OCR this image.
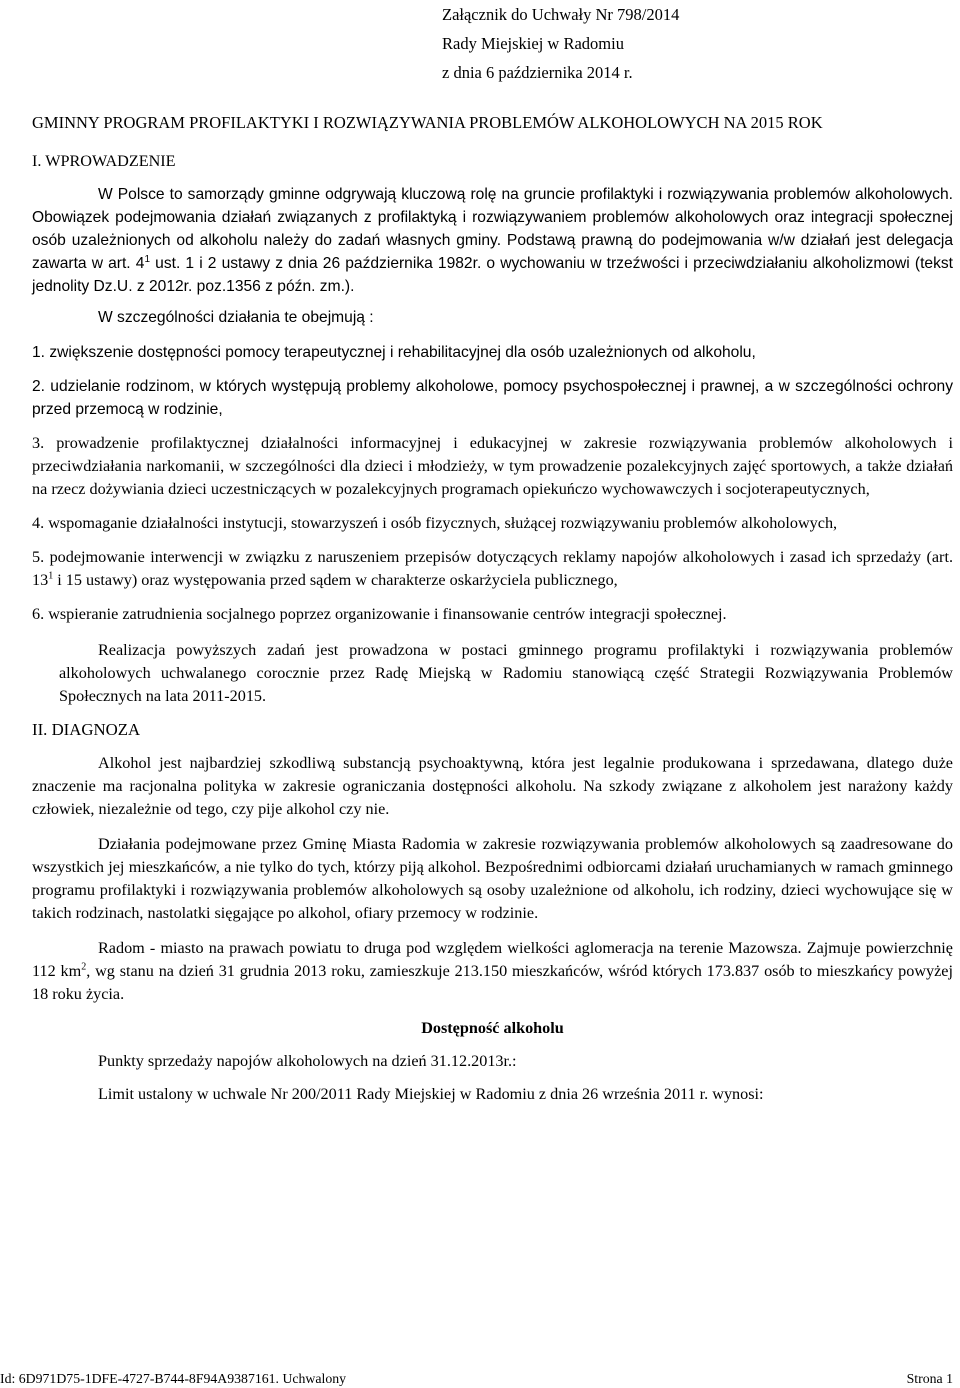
Załącznik do Uchwały Nr 798/2014
Rady Miejskiej w Radomiu
z dnia 6 października 2014 r.
GMINNY PROGRAM PROFILAKTYKI I ROZWIĄZYWANIA PROBLEMÓW ALKOHOLOWYCH NA 2015 ROK
I. WPROWADZENIE

W Polsce to samorządy gminne odgrywają kluczową rolę na gruncie profilaktyki i rozwiązywania problemów alkoholowych. Obowiązek podejmowania działań związanych z profilaktyką i rozwiązywaniem problemów alkoholowych oraz integracji społecznej osób uzależnionych od alkoholu należy do zadań własnych gminy. Podstawą prawną do podejmowania w/w działań jest delegacja zawarta w art. $4^1$ ust. 1 i 2 ustawy z dnia 26 października 1982r. o wychowaniu w trzeźwości i przeciwdziałaniu alkoholizmowi (tekst jednolity Dz.U. z 2012r. poz.1356 z późn. zm.).

W szczególności działania te obejmują :
1. zwiększenie dostępności pomocy terapeutycznej i rehabilitacyjnej dla osób uzależnionych od alkoholu,
2. udzielanie rodzinom, w których występują problemy alkoholowe, pomocy psychospołecznej i prawnej, a w szczególności ochrony przed przemocą w rodzinie,
3. prowadzenie profilaktycznej działalności informacyjnej i edukacyjnej w zakresie rozwiązywania problemów alkoholowych i przeciwdziałania narkomanii, w szczególności dla dzieci i młodzieży, w tym prowadzenie pozalekcyjnych zajęć sportowych, a także działań na rzecz dożywiania dzieci uczestniczących w pozalekcyjnych programach opiekuńczo wychowawczych i socjoterapeutycznych,
4. wspomaganie działalności instytucji, stowarzyszeń i osób fizycznych, służącej rozwiązywaniu problemów alkoholowych,
5. podejmowanie interwencji w związku z naruszeniem przepisów dotyczących reklamy napojów alkoholowych i zasad ich sprzedaży (art. $13^1$ i 15 ustawy) oraz występowania przed sądem w charakterze oskarżyciela publicznego,
6. wspieranie zatrudnienia socjalnego poprzez organizowanie i finansowanie centrów integracji społecznej.

Realizacja powyższych zadań jest prowadzona w postaci gminnego programu profilaktyki i rozwiązywania problemów alkoholowych uchwalanego corocznie przez Radę Miejską w Radomiu stanowiącą część Strategii Rozwiązywania Problemów Społecznych na lata 2011-2015.

II. DIAGNOZA

Alkohol jest najbardziej szkodliwą substancją psychoaktywną, która jest legalnie produkowana i sprzedawana, dlatego duże znaczenie ma racjonalna polityka w zakresie ograniczania dostępności alkoholu. Na szkody związane z alkoholem jest narażony każdy człowiek, niezależnie od tego, czy pije alkohol czy nie.

Działania podejmowane przez Gminę Miasta Radomia w zakresie rozwiązywania problemów alkoholowych są zaadresowane do wszystkich jej mieszkańców, a nie tylko do tych, którzy piją alkohol. Bezpośrednimi odbiorcami działań uruchamianych w ramach gminnego programu profilaktyki i rozwiązywania problemów alkoholowych są osoby uzależnione od alkoholu, ich rodziny, dzieci wychowujące się w takich rodzinach, nastolatki sięgające po alkohol, ofiary przemocy w rodzinie.

Radom - miasto na prawach powiatu to druga pod względem wielkości aglomeracja na terenie Mazowsza. Zajmuje powierzchnię 112 $km^2$, wg stanu na dzień 31 grudnia 2013 roku, zamieszkuje 213.150 mieszkańców, wśród których 173.837 osób to mieszkańcy powyżej 18 roku życia.

Dostępność alkoholu
Punkty sprzedaży napojów alkoholowych na dzień 31.12.2013r.:
Limit ustalony w uchwale Nr 200/2011 Rady Miejskiej w Radomiu z dnia 26 września 2011 r. wynosi:
Id: 6D971D75-1DFE-4727-B744-8F94A9387161. Uchwalony	Strona 1
